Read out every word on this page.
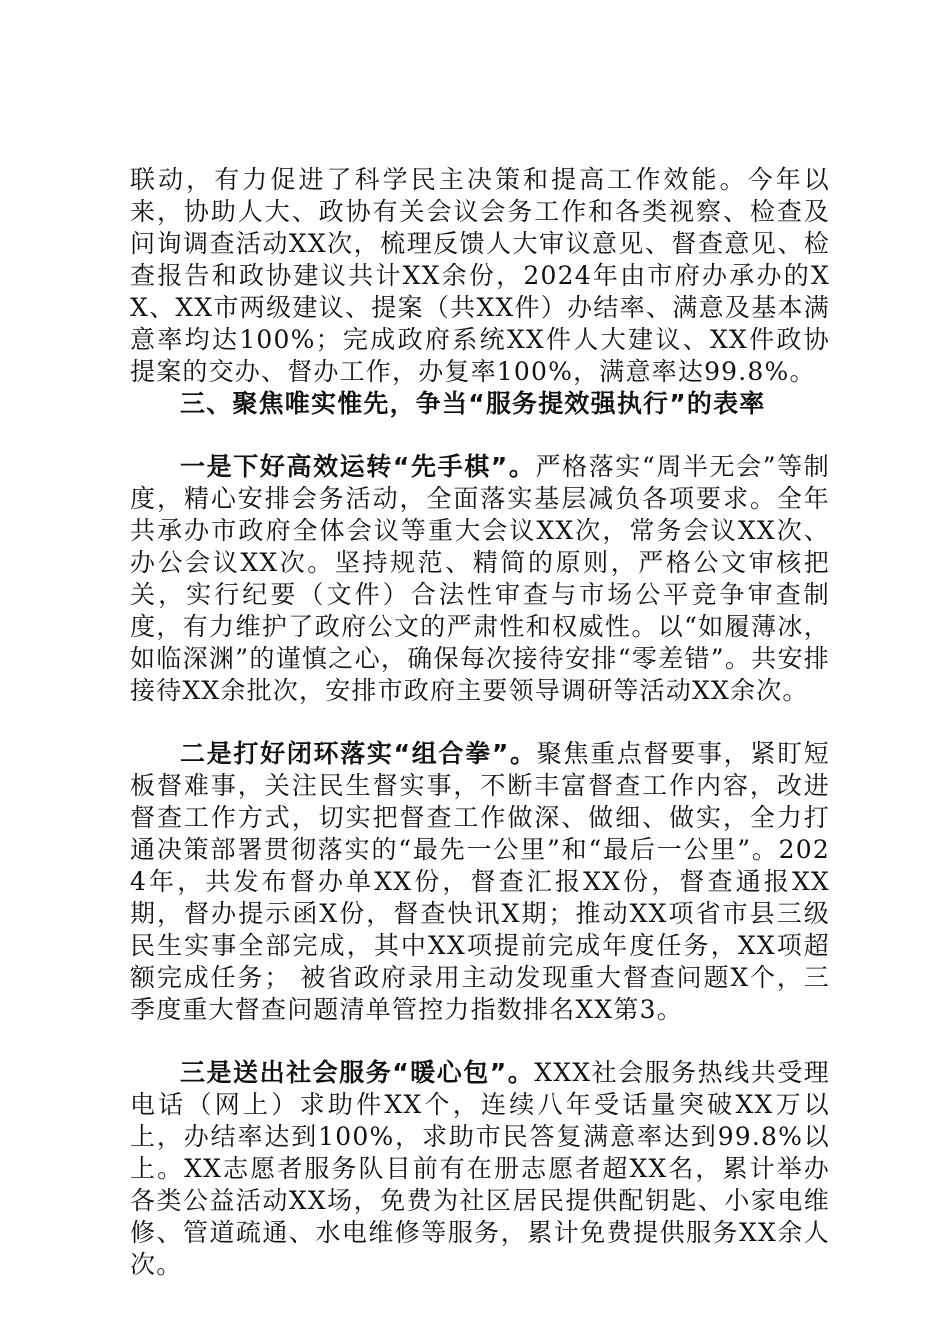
联动，有力促进了科学民主决策和提高工作效能。今年以来，协助人大、政协有关会议会务工作和各类视察、检查及问询调查活动XX次，梳理反馈人大审议意见、督查意见、检查报告和政协建议共计XX余份，2024年由市府办承办的XX、XX市两级建议、提案（共XX件）办结率、满意及基本满意率均达100%；完成政府系统XX件人大建议、XX件政协提案的交办、督办工作，办复率100%，满意率达99.8%。

三、聚焦唯实惟先，争当“服务提效强执行”的表率

一是下好高效运转“先手棋”。严格落实“周半无会”等制度，精心安排会务活动，全面落实基层减负各项要求。全年共承办市政府全体会议等重大会议XX次，常务会议XX次、办公会议XX次。坚持规范、精简的原则，严格公文审核把关，实行纪要（文件）合法性审查与市场公平竞争审查制度，有力维护了政府公文的严肃性和权威性。以“如履薄冰，如临深渊”的谨慎之心，确保每次接待安排“零差错”。共安排接待XX余批次，安排市政府主要领导调研等活动XX余次。

二是打好闭环落实“组合拳”。聚焦重点督要事，紧盯短板督难事，关注民生督实事，不断丰富督查工作内容，改进督查工作方式，切实把督查工作做深、做细、做实，全力打通决策部署贯彻落实的“最先一公里”和“最后一公里”。2024年，共发布督办单XX份，督查汇报XX份，督查通报XX期，督办提示函X份，督查快讯X期；推动XX项省市县三级民生实事全部完成，其中XX项提前完成年度任务，XX项超额完成任务； 被省政府录用主动发现重大督查问题X个，三季度重大督查问题清单管控力指数排名XX第3。

三是送出社会服务“暖心包”。XXX社会服务热线共受理电话（网上）求助件XX个，连续八年受话量突破XX万以上，办结率达到100%，求助市民答复满意率达到99.8%以上。XX志愿者服务队目前有在册志愿者超XX名，累计举办各类公益活动XX场，免费为社区居民提供配钥匙、小家电维修、管道疏通、水电维修等服务，累计免费提供服务XX余人次。
